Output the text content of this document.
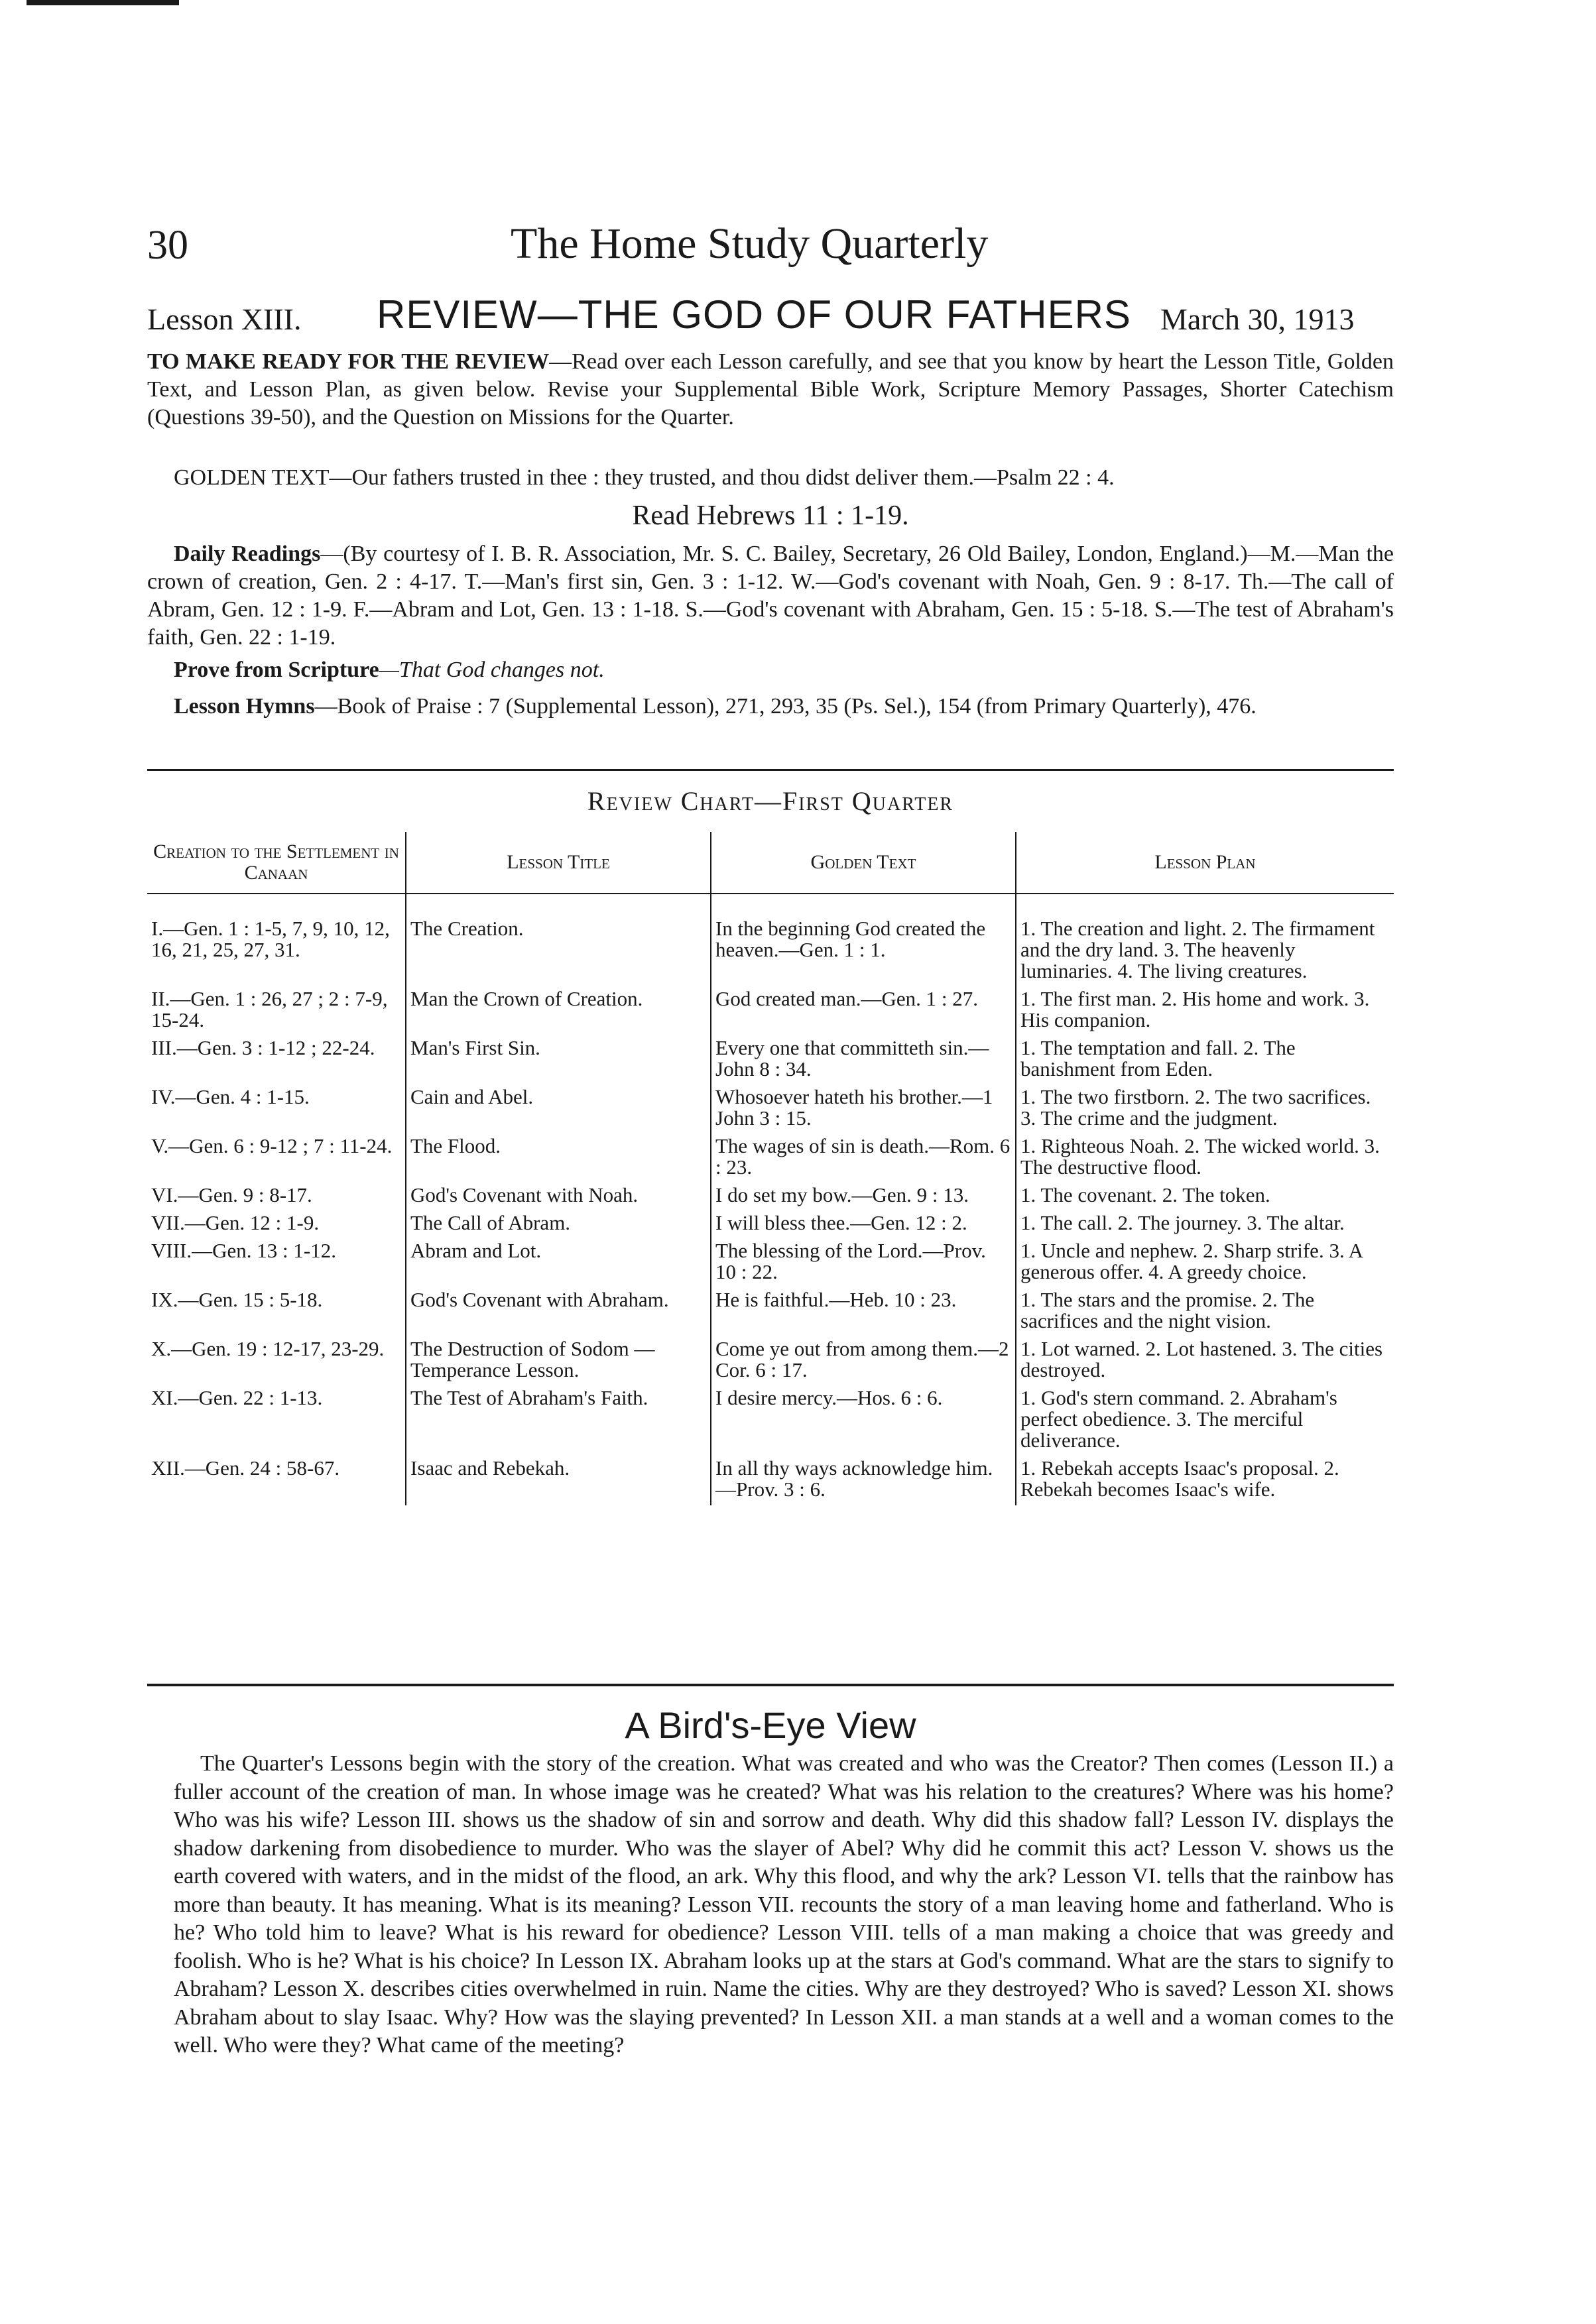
30	The Home Study Quarterly
Lesson XIII. REVIEW—THE GOD OF OUR FATHERS March 30, 1913
TO MAKE READY FOR THE REVIEW—Read over each Lesson carefully, and see that you know by heart the Lesson Title, Golden Text, and Lesson Plan, as given below. Revise your Supplemental Bible Work, Scripture Memory Passages, Shorter Catechism (Questions 39-50), and the Question on Missions for the Quarter.
GOLDEN TEXT—Our fathers trusted in thee : they trusted, and thou didst deliver them.—Psalm 22 : 4.
Read Hebrews 11 : 1-19.
Daily Readings—(By courtesy of I. B. R. Association, Mr. S. C. Bailey, Secretary, 26 Old Bailey, London, England.)—M.—Man the crown of creation, Gen. 2 : 4-17. T.—Man's first sin, Gen. 3 : 1-12. W.—God's covenant with Noah, Gen. 9 : 8-17. Th.—The call of Abram, Gen. 12 : 1-9. F.—Abram and Lot, Gen. 13 : 1-18. S.—God's covenant with Abraham, Gen. 15 : 5-18. S.—The test of Abraham's faith, Gen. 22 : 1-19.
Prove from Scripture—That God changes not.
Lesson Hymns—Book of Praise : 7 (Supplemental Lesson), 271, 293, 35 (Ps. Sel.), 154 (from Primary Quarterly), 476.
Review Chart—First Quarter
Creation to the Settlement in Canaan	Lesson Title	Golden Text	Lesson Plan

I.—Gen. 1 : 1-5, 7, 9, 10, 12, 16, 21, 25, 27, 31.	The Creation.	In the beginning God created the heaven.—Gen. 1 : 1.	1. The creation and light. 2. The firmament and the dry land. 3. The heavenly luminaries. 4. The living creatures.
II.—Gen. 1 : 26, 27 ; 2 : 7-9, 15-24.	Man the Crown of Creation.	God created man.—Gen. 1 : 27.	1. The first man. 2. His home and work. 3. His companion.
III.—Gen. 3 : 1-12 ; 22-24.	Man's First Sin.	Every one that committeth sin.—John 8 : 34.	1. The temptation and fall. 2. The banishment from Eden.
IV.—Gen. 4 : 1-15.	Cain and Abel.	Whosoever hateth his brother.—1 John 3 : 15.	1. The two firstborn. 2. The two sacrifices. 3. The crime and the judgment.
V.—Gen. 6 : 9-12 ; 7 : 11-24.	The Flood.	The wages of sin is death.—Rom. 6 : 23.	1. Righteous Noah. 2. The wicked world. 3. The destructive flood.
VI.—Gen. 9 : 8-17.	God's Covenant with Noah.	I do set my bow.—Gen. 9 : 13.	1. The covenant. 2. The token.
VII.—Gen. 12 : 1-9.	The Call of Abram.	I will bless thee.—Gen. 12 : 2.	1. The call. 2. The journey. 3. The altar.
VIII.—Gen. 13 : 1-12.	Abram and Lot.	The blessing of the Lord.—Prov. 10 : 22.	1. Uncle and nephew. 2. Sharp strife. 3. A generous offer. 4. A greedy choice.
IX.—Gen. 15 : 5-18.	God's Covenant with Abraham.	He is faithful.—Heb. 10 : 23.	1. The stars and the promise. 2. The sacrifices and the night vision.
X.—Gen. 19 : 12-17, 23-29.	The Destruction of Sodom —Temperance Lesson.	Come ye out from among them.—2 Cor. 6 : 17.	1. Lot warned. 2. Lot hastened. 3. The cities destroyed.
XI.—Gen. 22 : 1-13.	The Test of Abraham's Faith.	I desire mercy.—Hos. 6 : 6.	1. God's stern command. 2. Abraham's perfect obedience. 3. The merciful deliverance.
XII.—Gen. 24 : 58-67.	Isaac and Rebekah.	In all thy ways acknowledge him.—Prov. 3 : 6.	1. Rebekah accepts Isaac's proposal. 2. Rebekah becomes Isaac's wife.
A Bird's-Eye View
The Quarter's Lessons begin with the story of the creation. What was created and who was the Creator? Then comes (Lesson II.) a fuller account of the creation of man. In whose image was he created? What was his relation to the creatures? Where was his home? Who was his wife? Lesson III. shows us the shadow of sin and sorrow and death. Why did this shadow fall? Lesson IV. displays the shadow darkening from disobedience to murder. Who was the slayer of Abel? Why did he commit this act? Lesson V. shows us the earth covered with waters, and in the midst of the flood, an ark. Why this flood, and why the ark? Lesson VI. tells that the rainbow has more than beauty. It has meaning. What is its meaning? Lesson VII. recounts the story of a man leaving home and fatherland. Who is he? Who told him to leave? What is his reward for obedience? Lesson VIII. tells of a man making a choice that was greedy and foolish. Who is he? What is his choice? In Lesson IX. Abraham looks up at the stars at God's command. What are the stars to signify to Abraham? Lesson X. describes cities overwhelmed in ruin. Name the cities. Why are they destroyed? Who is saved? Lesson XI. shows Abraham about to slay Isaac. Why? How was the slaying prevented? In Lesson XII. a man stands at a well and a woman comes to the well. Who were they? What came of the meeting?
